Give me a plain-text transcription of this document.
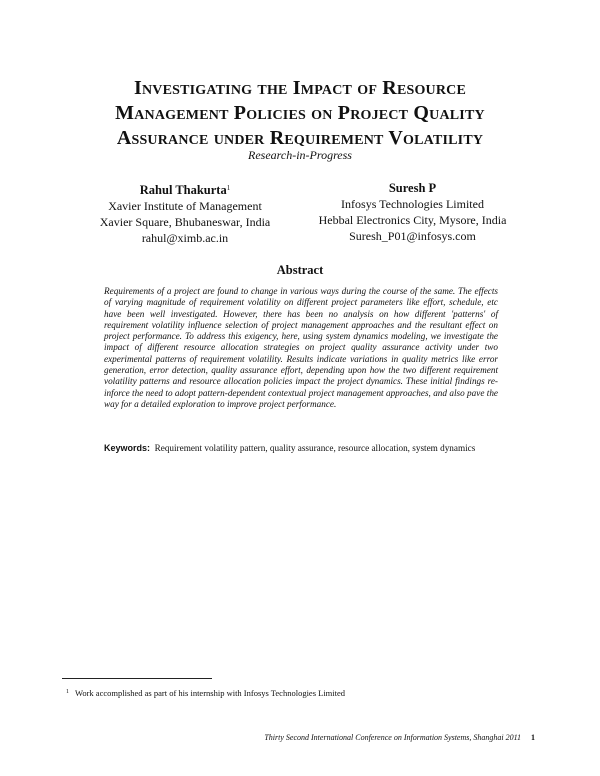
Investigating the Impact of Resource
Management Policies on Project Quality
Assurance under Requirement Volatility
Research-in-Progress
Rahul Thakurta$^1$
Xavier Institute of Management
Xavier Square, Bhubaneswar, India
rahul@ximb.ac.in
Suresh P
Infosys Technologies Limited
Hebbal Electronics City, Mysore, India
Suresh_P01@infosys.com
Abstract
Requirements of a project are found to change in various ways during the course of the same. The effects of varying magnitude of requirement volatility on different project parameters like effort, schedule, etc have been well investigated. However, there has been no analysis on how different 'patterns' of requirement volatility influence selection of project management approaches and the resultant effect on project performance. To address this exigency, here, using system dynamics modeling, we investigate the impact of different resource allocation strategies on project quality assurance activity under two experimental patterns of requirement volatility. Results indicate variations in quality metrics like error generation, error detection, quality assurance effort, depending upon how the two different requirement volatility patterns and resource allocation policies impact the project dynamics. These initial findings re-inforce the need to adopt pattern-dependent contextual project management approaches, and also pave the way for a detailed exploration to improve project performance.
Keywords: Requirement volatility pattern, quality assurance, resource allocation, system dynamics
$^1$ Work accomplished as part of his internship with Infosys Technologies Limited
Thirty Second International Conference on Information Systems, Shanghai 2011 1
